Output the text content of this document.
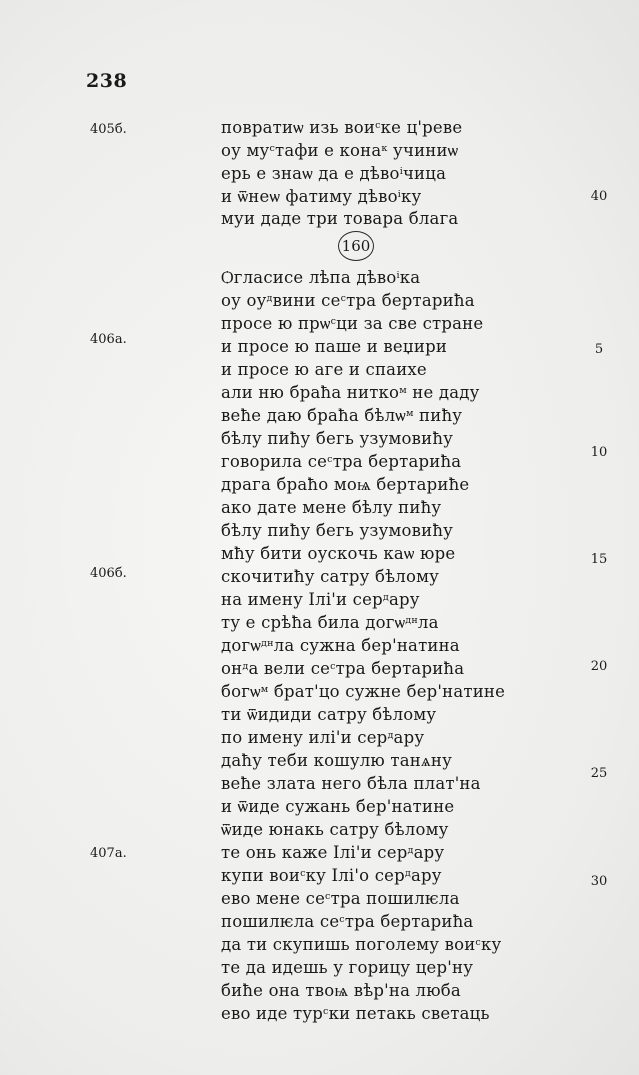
238
160
повратиѡ изь вои$^с$ке ц'реве
оу $му^стафи$ е кона$^к$ учиниѡ
ерь е знаѡ да е дѣво$^і$чица
и ѿнеѡ фатиму дѣво$^і$ку
муи даде три товара блага
Ѻгласисе лѣпа дѣво$^і$ка
оу $оу^двини$ $се^стра$ бертариħа
просе ю прѡ$^с$ци за све стране
и просе ю паше и веџири
и просе ю аге и спаихе
али ню браħа нитко$^м$ не даду
веħе даю браħа бѣлѡ$^м$ пиħу
бѣлу пиħу бегь узумовиħу
говорила $се^стра$ бертариħа
драга браħо моѩ бертариħе
ако дате мене бѣлу пиħу
бѣлу пиħу бегь узумовиħу
мħу бити оускочь каѡ юре
скочитиħу сатру бѣлому
на имену Ілі'и сер$^д$ару
ту е срѣħа била догѡ$^{дн}$ла
догѡ$^{дн}$ла сужна бер'натина
$он^да$ вели $се^стра$ бертариħа
богѡ$^м$ брат'цо сужне бер'натине
ти ѿидиди сатру бѣлому
по имену илі'и сер$^д$ару
даħу теби кошулю танѧну
веħе злата него бѣла плат'на
и ѿиде сужань бер'натине
ѿиде юнакь сатру бѣлому
те онь каже Ілі'и сер$^д$ару
купи вои$^с$ку Ілі'о сер$^д$ару
ево мене $се^стра$ пошилѥла
пошилѥла $се^стра$ бертариħа
да ти скупишь поголему вои$^с$ку
те да идешь у горицу цер'ну
биħе она твоѩ вѣр'на люба
ево иде тур$^с$ки петакь светаць
405б.
406а.
406б.
407а.
40
5
10
15
20
25
30
